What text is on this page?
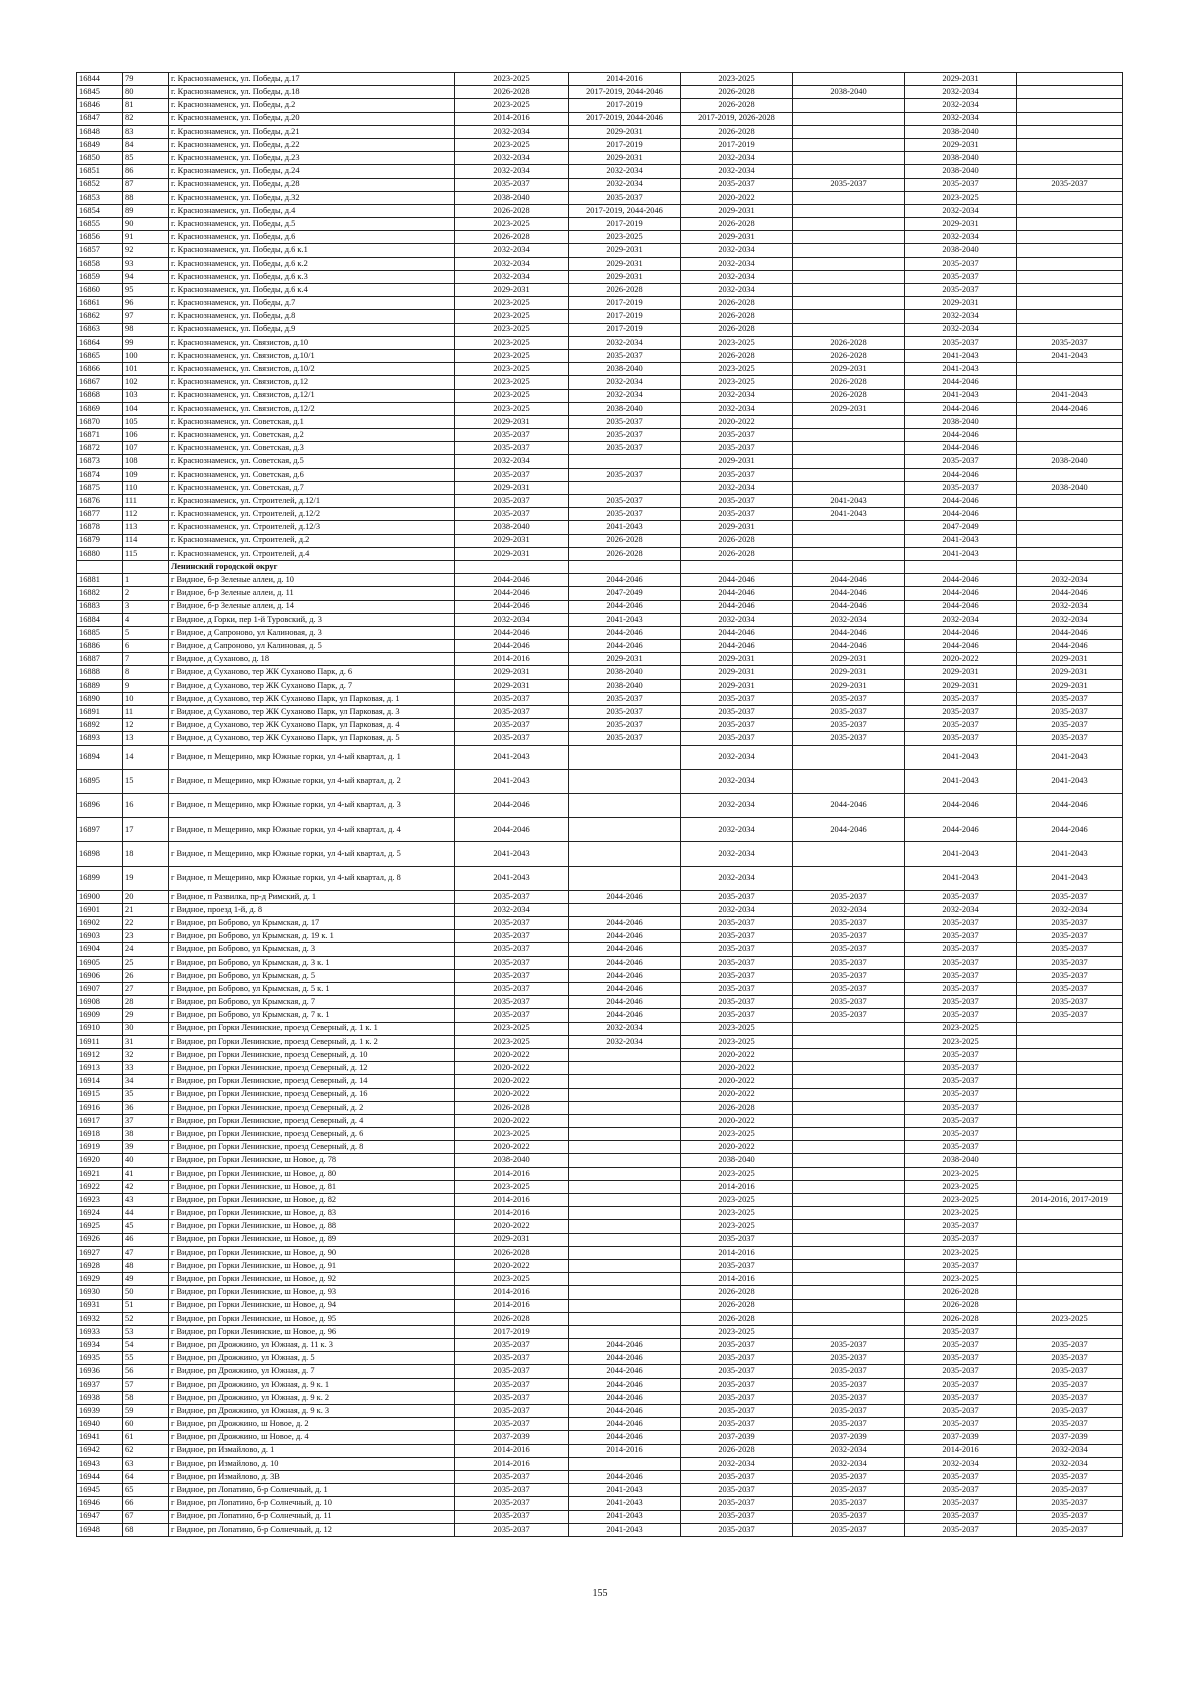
16844	79	г. Краснознаменск, ул. Победы, д.17	2023-2025	2014-2016	2023-2025		2029-2031	
16845	80	г. Краснознаменск, ул. Победы, д.18	2026-2028	2017-2019, 2044-2046	2026-2028	2038-2040	2032-2034	
16846	81	г. Краснознаменск, ул. Победы, д.2	2023-2025	2017-2019	2026-2028		2032-2034	
16847	82	г. Краснознаменск, ул. Победы, д.20	2014-2016	2017-2019, 2044-2046	2017-2019, 2026-2028		2032-2034	
16848	83	г. Краснознаменск, ул. Победы, д.21	2032-2034	2029-2031	2026-2028		2038-2040	
16849	84	г. Краснознаменск, ул. Победы, д.22	2023-2025	2017-2019	2017-2019		2029-2031	
16850	85	г. Краснознаменск, ул. Победы, д.23	2032-2034	2029-2031	2032-2034		2038-2040	
16851	86	г. Краснознаменск, ул. Победы, д.24	2032-2034	2032-2034	2032-2034		2038-2040	
16852	87	г. Краснознаменск, ул. Победы, д.28	2035-2037	2032-2034	2035-2037	2035-2037	2035-2037	2035-2037
16853	88	г. Краснознаменск, ул. Победы, д.32	2038-2040	2035-2037	2020-2022		2023-2025	
16854	89	г. Краснознаменск, ул. Победы, д.4	2026-2028	2017-2019, 2044-2046	2029-2031		2032-2034	
16855	90	г. Краснознаменск, ул. Победы, д.5	2023-2025	2017-2019	2026-2028		2029-2031	
16856	91	г. Краснознаменск, ул. Победы, д.6	2026-2028	2023-2025	2029-2031		2032-2034	
16857	92	г. Краснознаменск, ул. Победы, д.6 к.1	2032-2034	2029-2031	2032-2034		2038-2040	
16858	93	г. Краснознаменск, ул. Победы, д.6 к.2	2032-2034	2029-2031	2032-2034		2035-2037	
16859	94	г. Краснознаменск, ул. Победы, д.6 к.3	2032-2034	2029-2031	2032-2034		2035-2037	
16860	95	г. Краснознаменск, ул. Победы, д.6 к.4	2029-2031	2026-2028	2032-2034		2035-2037	
16861	96	г. Краснознаменск, ул. Победы, д.7	2023-2025	2017-2019	2026-2028		2029-2031	
16862	97	г. Краснознаменск, ул. Победы, д.8	2023-2025	2017-2019	2026-2028		2032-2034	
16863	98	г. Краснознаменск, ул. Победы, д.9	2023-2025	2017-2019	2026-2028		2032-2034	
16864	99	г. Краснознаменск, ул. Связистов, д.10	2023-2025	2032-2034	2023-2025	2026-2028	2035-2037	2035-2037
16865	100	г. Краснознаменск, ул. Связистов, д.10/1	2023-2025	2035-2037	2026-2028	2026-2028	2041-2043	2041-2043
16866	101	г. Краснознаменск, ул. Связистов, д.10/2	2023-2025	2038-2040	2023-2025	2029-2031	2041-2043	
16867	102	г. Краснознаменск, ул. Связистов, д.12	2023-2025	2032-2034	2023-2025	2026-2028	2044-2046	
16868	103	г. Краснознаменск, ул. Связистов, д.12/1	2023-2025	2032-2034	2032-2034	2026-2028	2041-2043	2041-2043
16869	104	г. Краснознаменск, ул. Связистов, д.12/2	2023-2025	2038-2040	2032-2034	2029-2031	2044-2046	2044-2046
16870	105	г. Краснознаменск, ул. Советская, д.1	2029-2031	2035-2037	2020-2022		2038-2040	
16871	106	г. Краснознаменск, ул. Советская, д.2	2035-2037	2035-2037	2035-2037		2044-2046	
16872	107	г. Краснознаменск, ул. Советская, д.3	2035-2037	2035-2037	2035-2037		2044-2046	
16873	108	г. Краснознаменск, ул. Советская, д.5	2032-2034		2029-2031		2035-2037	2038-2040
16874	109	г. Краснознаменск, ул. Советская, д.6	2035-2037	2035-2037	2035-2037		2044-2046	
16875	110	г. Краснознаменск, ул. Советская, д.7	2029-2031		2032-2034		2035-2037	2038-2040
16876	111	г. Краснознаменск, ул. Строителей, д.12/1	2035-2037	2035-2037	2035-2037	2041-2043	2044-2046	
16877	112	г. Краснознаменск, ул. Строителей, д.12/2	2035-2037	2035-2037	2035-2037	2041-2043	2044-2046	
16878	113	г. Краснознаменск, ул. Строителей, д.12/3	2038-2040	2041-2043	2029-2031		2047-2049	
16879	114	г. Краснознаменск, ул. Строителей, д.2	2029-2031	2026-2028	2026-2028		2041-2043	
16880	115	г. Краснознаменск, ул. Строителей, д.4	2029-2031	2026-2028	2026-2028		2041-2043	
		Ленинский городской округ						
16881	1	г Видное, б-р Зеленые аллеи, д. 10	2044-2046	2044-2046	2044-2046	2044-2046	2044-2046	2032-2034
16882	2	г Видное, б-р Зеленые аллеи, д. 11	2044-2046	2047-2049	2044-2046	2044-2046	2044-2046	2044-2046
16883	3	г Видное, б-р Зеленые аллеи, д. 14	2044-2046	2044-2046	2044-2046	2044-2046	2044-2046	2032-2034
16884	4	г Видное, д Горки, пер 1-й Туровский, д. 3	2032-2034	2041-2043	2032-2034	2032-2034	2032-2034	2032-2034
16885	5	г Видное, д Сапроново, ул Калиновая, д. 3	2044-2046	2044-2046	2044-2046	2044-2046	2044-2046	2044-2046
16886	6	г Видное, д Сапроново, ул Калиновая, д. 5	2044-2046	2044-2046	2044-2046	2044-2046	2044-2046	2044-2046
16887	7	г Видное, д Суханово, д. 18	2014-2016	2029-2031	2029-2031	2029-2031	2020-2022	2029-2031
16888	8	г Видное, д Суханово, тер ЖК Суханово Парк, д. 6	2029-2031	2038-2040	2029-2031	2029-2031	2029-2031	2029-2031
16889	9	г Видное, д Суханово, тер ЖК Суханово Парк, д. 7	2029-2031	2038-2040	2029-2031	2029-2031	2029-2031	2029-2031
16890	10	г Видное, д Суханово, тер ЖК Суханово Парк, ул Парковая, д. 1	2035-2037	2035-2037	2035-2037	2035-2037	2035-2037	2035-2037
16891	11	г Видное, д Суханово, тер ЖК Суханово Парк, ул Парковая, д. 3	2035-2037	2035-2037	2035-2037	2035-2037	2035-2037	2035-2037
16892	12	г Видное, д Суханово, тер ЖК Суханово Парк, ул Парковая, д. 4	2035-2037	2035-2037	2035-2037	2035-2037	2035-2037	2035-2037
16893	13	г Видное, д Суханово, тер ЖК Суханово Парк, ул Парковая, д. 5	2035-2037	2035-2037	2035-2037	2035-2037	2035-2037	2035-2037
16894	14	г Видное, п Мещерино, мкр Южные горки, ул 4-ый квартал, д. 1	2041-2043		2032-2034		2041-2043	2041-2043
16895	15	г Видное, п Мещерино, мкр Южные горки, ул 4-ый квартал, д. 2	2041-2043		2032-2034		2041-2043	2041-2043
16896	16	г Видное, п Мещерино, мкр Южные горки, ул 4-ый квартал, д. 3	2044-2046		2032-2034	2044-2046	2044-2046	2044-2046
16897	17	г Видное, п Мещерино, мкр Южные горки, ул 4-ый квартал, д. 4	2044-2046		2032-2034	2044-2046	2044-2046	2044-2046
16898	18	г Видное, п Мещерино, мкр Южные горки, ул 4-ый квартал, д. 5	2041-2043		2032-2034		2041-2043	2041-2043
16899	19	г Видное, п Мещерино, мкр Южные горки, ул 4-ый квартал, д. 8	2041-2043		2032-2034		2041-2043	2041-2043
16900	20	г Видное, п Развилка, пр-д Римский, д. 1	2035-2037	2044-2046	2035-2037	2035-2037	2035-2037	2035-2037
16901	21	г Видное, проезд 1-й, д. 8	2032-2034		2032-2034	2032-2034	2032-2034	2032-2034
16902	22	г Видное, рп Боброво, ул Крымская, д. 17	2035-2037	2044-2046	2035-2037	2035-2037	2035-2037	2035-2037
16903	23	г Видное, рп Боброво, ул Крымская, д. 19 к. 1	2035-2037	2044-2046	2035-2037	2035-2037	2035-2037	2035-2037
16904	24	г Видное, рп Боброво, ул Крымская, д. 3	2035-2037	2044-2046	2035-2037	2035-2037	2035-2037	2035-2037
16905	25	г Видное, рп Боброво, ул Крымская, д. 3 к. 1	2035-2037	2044-2046	2035-2037	2035-2037	2035-2037	2035-2037
16906	26	г Видное, рп Боброво, ул Крымская, д. 5	2035-2037	2044-2046	2035-2037	2035-2037	2035-2037	2035-2037
16907	27	г Видное, рп Боброво, ул Крымская, д. 5 к. 1	2035-2037	2044-2046	2035-2037	2035-2037	2035-2037	2035-2037
16908	28	г Видное, рп Боброво, ул Крымская, д. 7	2035-2037	2044-2046	2035-2037	2035-2037	2035-2037	2035-2037
16909	29	г Видное, рп Боброво, ул Крымская, д. 7 к. 1	2035-2037	2044-2046	2035-2037	2035-2037	2035-2037	2035-2037
16910	30	г Видное, рп Горки Ленинские, проезд Северный, д. 1 к. 1	2023-2025	2032-2034	2023-2025		2023-2025	
16911	31	г Видное, рп Горки Ленинские, проезд Северный, д. 1 к. 2	2023-2025	2032-2034	2023-2025		2023-2025	
16912	32	г Видное, рп Горки Ленинские, проезд Северный, д. 10	2020-2022		2020-2022		2035-2037	
16913	33	г Видное, рп Горки Ленинские, проезд Северный, д. 12	2020-2022		2020-2022		2035-2037	
16914	34	г Видное, рп Горки Ленинские, проезд Северный, д. 14	2020-2022		2020-2022		2035-2037	
16915	35	г Видное, рп Горки Ленинские, проезд Северный, д. 16	2020-2022		2020-2022		2035-2037	
16916	36	г Видное, рп Горки Ленинские, проезд Северный, д. 2	2026-2028		2026-2028		2035-2037	
16917	37	г Видное, рп Горки Ленинские, проезд Северный, д. 4	2020-2022		2020-2022		2035-2037	
16918	38	г Видное, рп Горки Ленинские, проезд Северный, д. 6	2023-2025		2023-2025		2035-2037	
16919	39	г Видное, рп Горки Ленинские, проезд Северный, д. 8	2020-2022		2020-2022		2035-2037	
16920	40	г Видное, рп Горки Ленинские, ш Новое, д. 78	2038-2040		2038-2040		2038-2040	
16921	41	г Видное, рп Горки Ленинские, ш Новое, д. 80	2014-2016		2023-2025		2023-2025	
16922	42	г Видное, рп Горки Ленинские, ш Новое, д. 81	2023-2025		2014-2016		2023-2025	
16923	43	г Видное, рп Горки Ленинские, ш Новое, д. 82	2014-2016		2023-2025		2023-2025	2014-2016, 2017-2019
16924	44	г Видное, рп Горки Ленинские, ш Новое, д. 83	2014-2016		2023-2025		2023-2025	
16925	45	г Видное, рп Горки Ленинские, ш Новое, д. 88	2020-2022		2023-2025		2035-2037	
16926	46	г Видное, рп Горки Ленинские, ш Новое, д. 89	2029-2031		2035-2037		2035-2037	
16927	47	г Видное, рп Горки Ленинские, ш Новое, д. 90	2026-2028		2014-2016		2023-2025	
16928	48	г Видное, рп Горки Ленинские, ш Новое, д. 91	2020-2022		2035-2037		2035-2037	
16929	49	г Видное, рп Горки Ленинские, ш Новое, д. 92	2023-2025		2014-2016		2023-2025	
16930	50	г Видное, рп Горки Ленинские, ш Новое, д. 93	2014-2016		2026-2028		2026-2028	
16931	51	г Видное, рп Горки Ленинские, ш Новое, д. 94	2014-2016		2026-2028		2026-2028	
16932	52	г Видное, рп Горки Ленинские, ш Новое, д. 95	2026-2028		2026-2028		2026-2028	2023-2025
16933	53	г Видное, рп Горки Ленинские, ш Новое, д. 96	2017-2019		2023-2025		2035-2037	
16934	54	г Видное, рп Дрожжино, ул Южная, д. 11 к. 3	2035-2037	2044-2046	2035-2037	2035-2037	2035-2037	2035-2037
16935	55	г Видное, рп Дрожжино, ул Южная, д. 5	2035-2037	2044-2046	2035-2037	2035-2037	2035-2037	2035-2037
16936	56	г Видное, рп Дрожжино, ул Южная, д. 7	2035-2037	2044-2046	2035-2037	2035-2037	2035-2037	2035-2037
16937	57	г Видное, рп Дрожжино, ул Южная, д. 9 к. 1	2035-2037	2044-2046	2035-2037	2035-2037	2035-2037	2035-2037
16938	58	г Видное, рп Дрожжино, ул Южная, д. 9 к. 2	2035-2037	2044-2046	2035-2037	2035-2037	2035-2037	2035-2037
16939	59	г Видное, рп Дрожжино, ул Южная, д. 9 к. 3	2035-2037	2044-2046	2035-2037	2035-2037	2035-2037	2035-2037
16940	60	г Видное, рп Дрожжино, ш Новое, д. 2	2035-2037	2044-2046	2035-2037	2035-2037	2035-2037	2035-2037
16941	61	г Видное, рп Дрожжино, ш Новое, д. 4	2037-2039	2044-2046	2037-2039	2037-2039	2037-2039	2037-2039
16942	62	г Видное, рп Измайлово, д. 1	2014-2016	2014-2016	2026-2028	2032-2034	2014-2016	2032-2034
16943	63	г Видное, рп Измайлово, д. 10	2014-2016		2032-2034	2032-2034	2032-2034	2032-2034
16944	64	г Видное, рп Измайлово, д. 3В	2035-2037	2044-2046	2035-2037	2035-2037	2035-2037	2035-2037
16945	65	г Видное, рп Лопатино, б-р Солнечный, д. 1	2035-2037	2041-2043	2035-2037	2035-2037	2035-2037	2035-2037
16946	66	г Видное, рп Лопатино, б-р Солнечный, д. 10	2035-2037	2041-2043	2035-2037	2035-2037	2035-2037	2035-2037
16947	67	г Видное, рп Лопатино, б-р Солнечный, д. 11	2035-2037	2041-2043	2035-2037	2035-2037	2035-2037	2035-2037
16948	68	г Видное, рп Лопатино, б-р Солнечный, д. 12	2035-2037	2041-2043	2035-2037	2035-2037	2035-2037	2035-2037
155
